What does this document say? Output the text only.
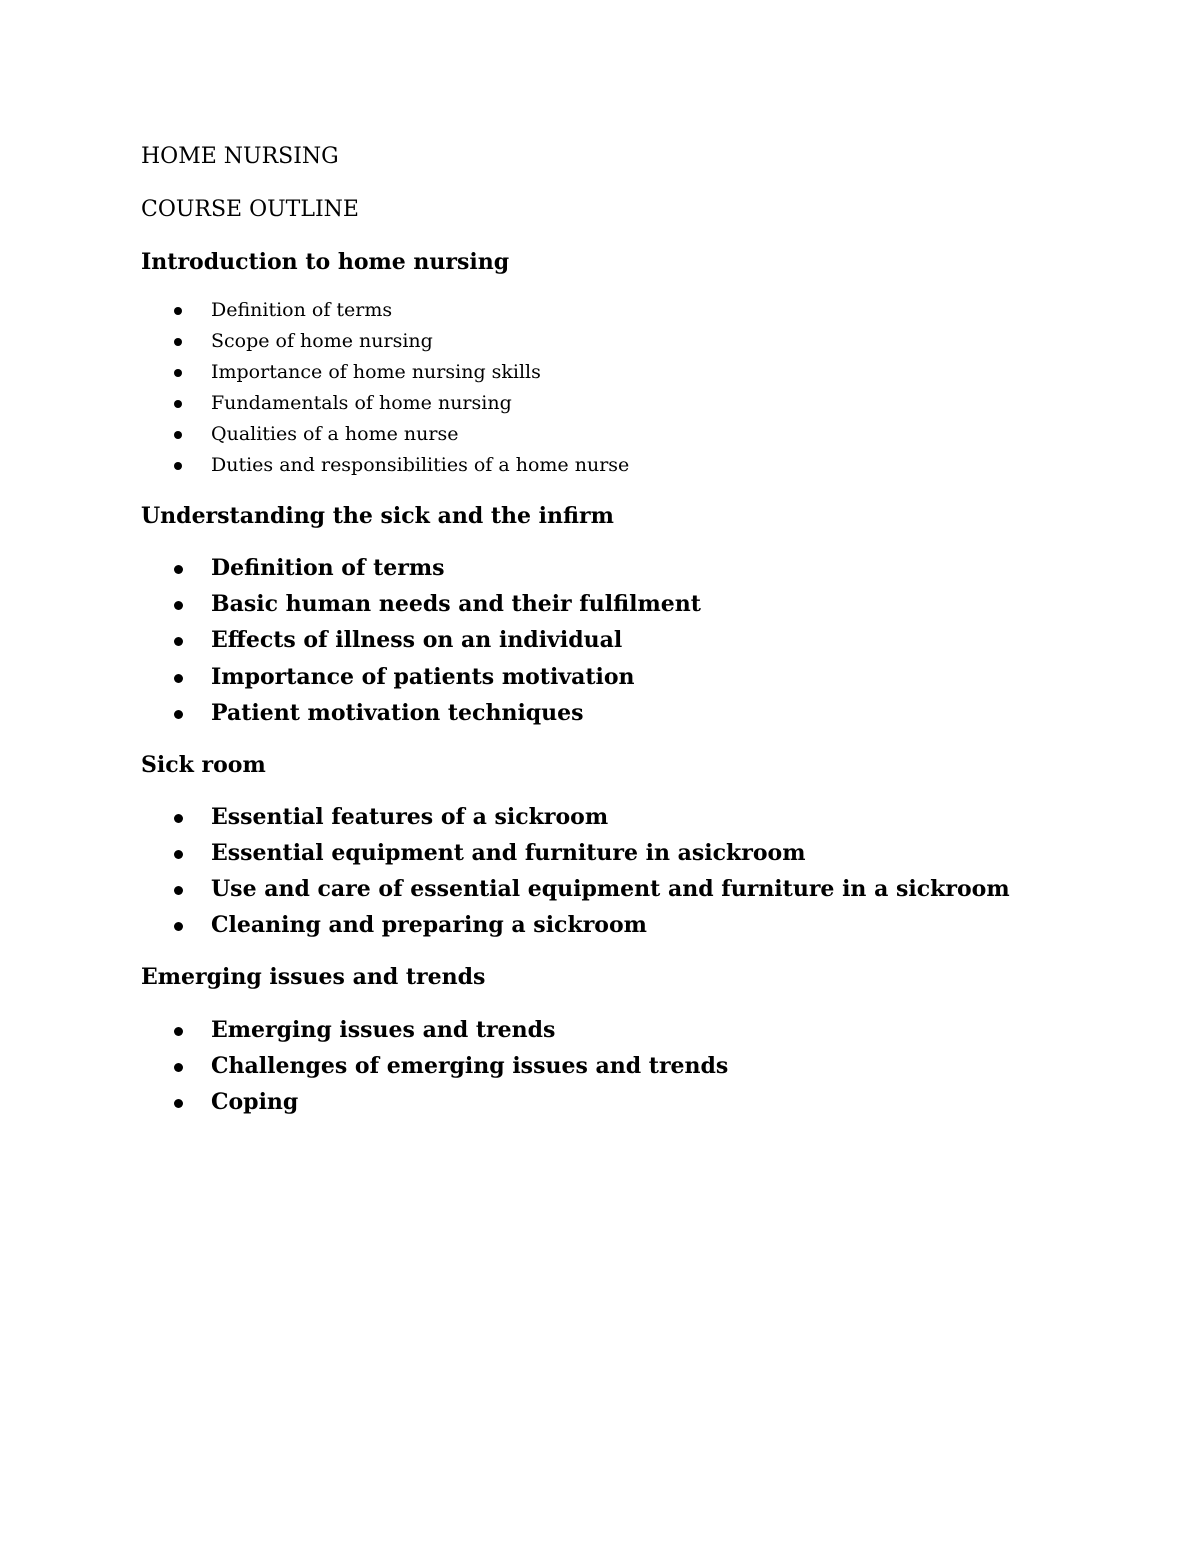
HOME NURSING
COURSE OUTLINE
Introduction to home nursing
Definition of terms
Scope of home nursing
Importance of home nursing skills
Fundamentals of home nursing
Qualities of a home nurse
Duties and responsibilities of a home nurse
Understanding the sick and the infirm
Definition of terms
Basic human needs and their fulfilment
Effects of illness on an individual
Importance of patients motivation
Patient motivation techniques
Sick room
Essential features of a sickroom
Essential equipment and furniture in asickroom
Use and care of essential equipment and furniture in a sickroom
Cleaning and preparing a sickroom
Emerging issues and trends
Emerging issues and trends
Challenges of emerging issues and trends
Coping
